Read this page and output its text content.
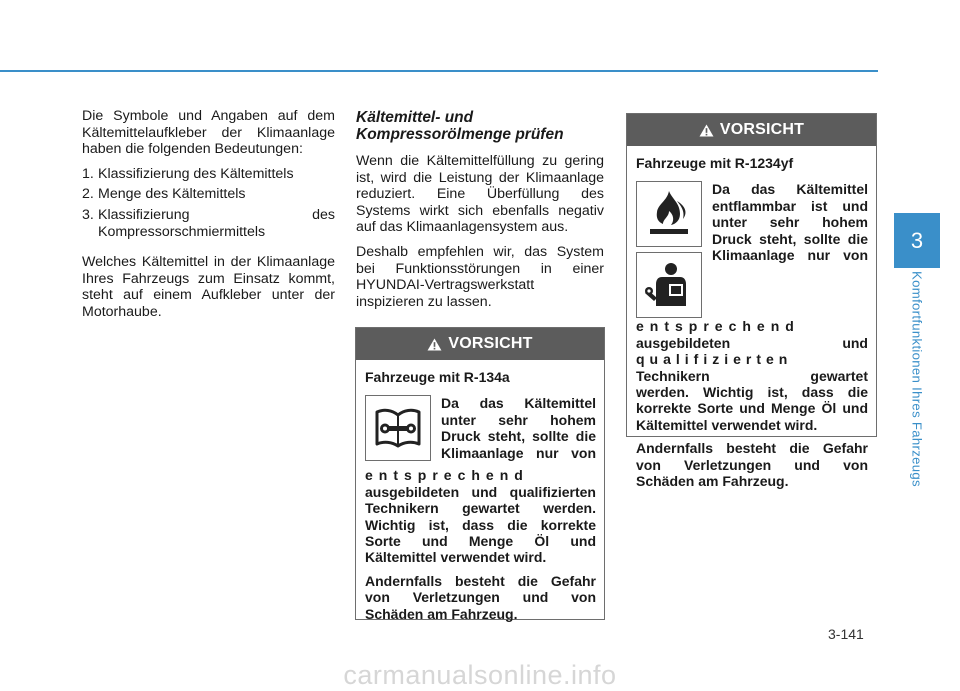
Die Symbole und Angaben auf dem Kältemittelaufkleber der Klimaanlage haben die folgenden Bedeutungen:

1. Klassifizierung des Kältemittels
2. Menge des Kältemittels
3. Klassifizierung	des
Kompressorschmiermittels

Welches Kältemittel in der Klimaanlage Ihres Fahrzeugs zum Einsatz kommt, steht auf einem Aufkleber unter der Motorhaube.

Kältemittel- und
Kompressorölmenge prüfen

Wenn die Kältemittelfüllung zu gering ist, wird die Leistung der Klimaanlage reduziert. Eine Überfüllung des Systems wirkt sich ebenfalls negativ auf das Klimaanlagensystem aus.

Deshalb empfehlen wir, das System bei Funktionsstörungen in einer HYUNDAI-Vertragswerkstatt inspizieren zu lassen.

VORSICHT

Fahrzeuge mit R-134a

Da das Kältemittel
unter sehr hohem
Druck steht, sollte die
Klimaanlage nur von
entsprechend

ausgebildeten und qualifizierten Technikern gewartet werden. Wichtig ist, dass die korrekte Sorte und Menge Öl und Kältemittel verwendet wird.

Andernfalls besteht die Gefahr von Verletzungen und von Schäden am Fahrzeug.

VORSICHT

Fahrzeuge mit R-1234yf

Da das Kältemittel
entflammbar ist und
unter sehr hohem
Druck steht, sollte die
Klimaanlage nur von
entsprechend
ausgebildeten und
qualifizierten
Technikern gewartet

werden. Wichtig ist, dass die korrekte Sorte und Menge Öl und Kältemittel verwendet wird.

Andernfalls besteht die Gefahr von Verletzungen und von Schäden am Fahrzeug.

3
Komfortfunktionen Ihres Fahrzeugs
3-141
carmanualsonline.info
